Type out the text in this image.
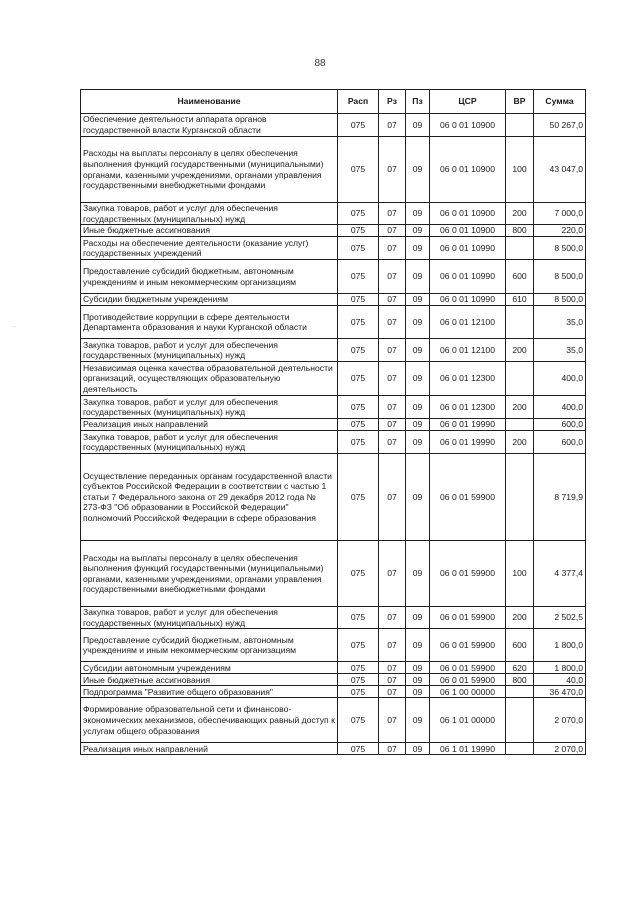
88
˙
Наименование	Расп	Рз	Пз	ЦСР	ВР	Сумма
Обеспечение деятельности аппарата органов государственной власти Курганской области	075	07	09	06 0 01 10900		50 267,0
Расходы на выплаты персоналу в целях обеспечения выполнения функций государственными (муниципальными) органами, казенными учреждениями, органами управления государственными внебюджетными фондами	075	07	09	06 0 01 10900	100	43 047,0
Закупка товаров, работ и услуг для обеспечения государственных (муниципальных) нужд	075	07	09	06 0 01 10900	200	7 000,0
Иные бюджетные ассигнования	075	07	09	06 0 01 10900	800	220,0
Расходы на обеспечение деятельности (оказание услуг) государственных учреждений	075	07	09	06 0 01 10990		8 500,0
Предоставление субсидий бюджетным, автономным учреждениям и иным некоммерческим организациям	075	07	09	06 0 01 10990	600	8 500,0
Субсидии бюджетным учреждениям	075	07	09	06 0 01 10990	610	8 500,0
Противодействие коррупции в сфере деятельности Департамента образования и науки Курганской области	075	07	09	06 0 01 12100		35,0
Закупка товаров, работ и услуг для обеспечения государственных (муниципальных) нужд	075	07	09	06 0 01 12100	200	35,0
Независимая оценка качества образовательной деятельности организаций, осуществляющих образовательную деятельность	075	07	09	06 0 01 12300		400,0
Закупка товаров, работ и услуг для обеспечения государственных (муниципальных) нужд	075	07	09	06 0 01 12300	200	400,0
Реализация иных направлений	075	07	09	06 0 01 19990		600,0
Закупка товаров, работ и услуг для обеспечения государственных (муниципальных) нужд	075	07	09	06 0 01 19990	200	600,0
Осуществление переданных органам государственной власти субъектов Российской Федерации в соответствии с частью 1 статьи 7 Федерального закона от 29 декабря 2012 года № 273-ФЗ "Об образовании в Российской Федерации" полномочий Российской Федерации в сфере образования	075	07	09	06 0 01 59900		8 719,9
Расходы на выплаты персоналу в целях обеспечения выполнения функций государственными (муниципальными) органами, казенными учреждениями, органами управления государственными внебюджетными фондами	075	07	09	06 0 01 59900	100	4 377,4
Закупка товаров, работ и услуг для обеспечения государственных (муниципальных) нужд	075	07	09	06 0 01 59900	200	2 502,5
Предоставление субсидий бюджетным, автономным учреждениям и иным некоммерческим организациям	075	07	09	06 0 01 59900	600	1 800,0
Субсидии автономным учреждениям	075	07	09	06 0 01 59900	620	1 800,0
Иные бюджетные ассигнования	075	07	09	06 0 01 59900	800	40,0
Подпрограмма "Развитие общего образования"	075	07	09	06 1 00 00000		36 470,0
Формирование образовательной сети и финансово-экономических механизмов, обеспечивающих равный доступ к услугам общего образования	075	07	09	06 1 01 00000		2 070,0
Реализация иных направлений	075	07	09	06 1 01 19990		2 070,0
